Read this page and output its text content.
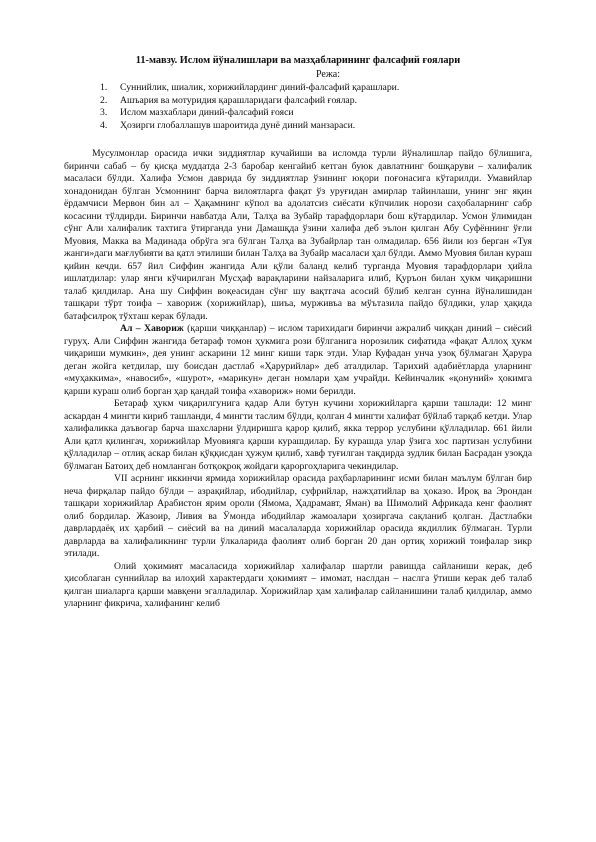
11-мавзу. Ислом йўналишлари ва мазҳабларининг фалсафий ғоялари
Режа:
1. Суннийлик, шиалик, хорижийлардинг диний-фалсафий қарашлари.
2. Ашъария ва мотуридия қарашларидаги фалсафий ғоялар.
3. Ислом мазхаблари диний-фалсафий ғояси
4. Ҳозирги глобаллашув шароитида дунё диний манзараси.

Мусулмонлар орасида ички зиддиятлар кучайиши ва исломда турли йўналишлар пайдо бўлишига, биринчи сабаб – бу қисқа муддатда 2-3 баробар кенгайиб кетган буюк давлатнинг бошқаруви – халифалик масаласи бўлди. Халифа Усмон даврида бу зиддиятлар ўзининг юқори поғонасига кўтарилди. Умавийлар хонадонидан бўлган Усмоннинг барча вилоятларга фақат ўз уруғидан амирлар тайинлаши, унинг энг яқин ёрдамчиси Мервон бин ал – Ҳақамнинг кўпол ва адолатсиз сиёсати кўпчилик норози саҳобаларнинг сабр косасини тўлдирди. Биринчи навбатда Али, Талҳа ва Зубайр тарафдорлари бош кўтардилар. Усмон ўлимидан сўнг Али халифалик тахтига ўтирганда уни Дамашқда ўзини халифа деб эълон қилган Абу Суфённинг ўғли Муовия, Макка ва Мадинада обрўга эга бўлган Талҳа ва Зубайрлар тан олмадилар. 656 йили юз берган «Туя жанги»даги мағлубияти ва қатл этилиши билан Талҳа ва Зубайр масаласи ҳал бўлди. Аммо Муовия билан кураш қийин кечди. 657 йил Сиффин жангида Али қўли баланд келиб турганда Муовия тарафдорлари ҳийла ишлатдилар: улар янги кўчирилган Мусҳаф варақларини найзаларига илиб, Қуръон билан ҳукм чиқаришни талаб қилдилар. Ана шу Сиффин воқеасидан сўнг шу вақтгача асосий бўлиб келган сунна йўналишидан ташқари тўрт тоифа – хавориж (хорижийлар), шиъа, мурживъа ва мўътазила пайдо бўлдики, улар ҳақида батафсилроқ тўхташ керак бўлади.

Ал – Хавориж (қарши чиққанлар) – ислом тарихидаги биринчи ажралиб чиққан диний – сиёсий гуруҳ. Али Сиффин жангида бетараф томон ҳукмига рози бўлганига норозилик сифатида «фақат Аллоҳ ҳукм чиқариши мумкин», дея унинг аскарини 12 минг киши тарк этди. Улар Куфадан унча узоқ бўлмаган Ҳарура деган жойга кетдилар, шу боисдан дастлаб «Ҳарурийлар» деб аталдилар. Тарихий адабиётларда уларнинг «муҳаккима», «навосиб», «шурот», «марикун» деган номлари ҳам учрайди. Кейинчалик «қонуний» ҳокимга қарши кураш олиб борган ҳар қандай тоифа «хавориж» номи берилди.

Бетараф ҳукм чиқарилгунига қадар Али бутун кучини хорижийларга қарши ташлади: 12 минг аскардан 4 мингти кириб ташланди, 4 мингти таслим бўлди, қолган 4 мингти халифат бўйлаб тарқаб кетди. Улар халифаликка даъвогар барча шахсларни ўлдиришга қарор қилиб, якка террор услубини қўлладилар. 661 йили Али қатл қилингач, хорижийлар Муовияга қарши курашдилар. Бу курашда улар ўзига хос партизан услубини қўлладилар – отлиқ аскар билан қўққисдан ҳужум қилиб, хавф туғилган тақдирда зудлик билан Басрадан узоқда бўлмаган Батоиҳ деб номланган ботқоқроқ жойдаги қароргоҳларига чекиндилар.

VII асрнинг иккинчи ярмида хорижийлар орасида раҳбарларининг исми билан маълум бўлган бир неча фирқалар пайдо бўлди – азрақийлар, ибодийлар, суфрийлар, нажҳатийлар ва ҳоказо. Ироқ ва Эрондан ташқари хорижийлар Арабистон ярим ороли (Ямома, Ҳадрамавт, Яман) ва Шимолий Африкада кенг фаолият олиб бордилар. Жазоир, Ливия ва Ўмонда ибодийлар жамоалари ҳозиргача сақланиб қолган. Дастлабки даврлардаёқ их ҳарбий – сиёсий ва на диний масалаларда хорижийлар орасида якдиллик бўлмаган. Турли даврларда ва халифаликнинг турли ўлкаларида фаолият олиб борган 20 дан ортиқ хорижий тоифалар зикр этилади.

Олий ҳокимият масаласида хорижийлар халифалар шартли равишда сайланиши керак, деб ҳисоблаган суннийлар ва илоҳий характердаги ҳокимият – имомат, наслдан – наслга ўтиши керак деб талаб қилган шиаларга қарши мавқени эгалладилар. Хорижийлар ҳам халифалар сайланишини талаб қилдилар, аммо уларнинг фикрича, халифанинг келиб
